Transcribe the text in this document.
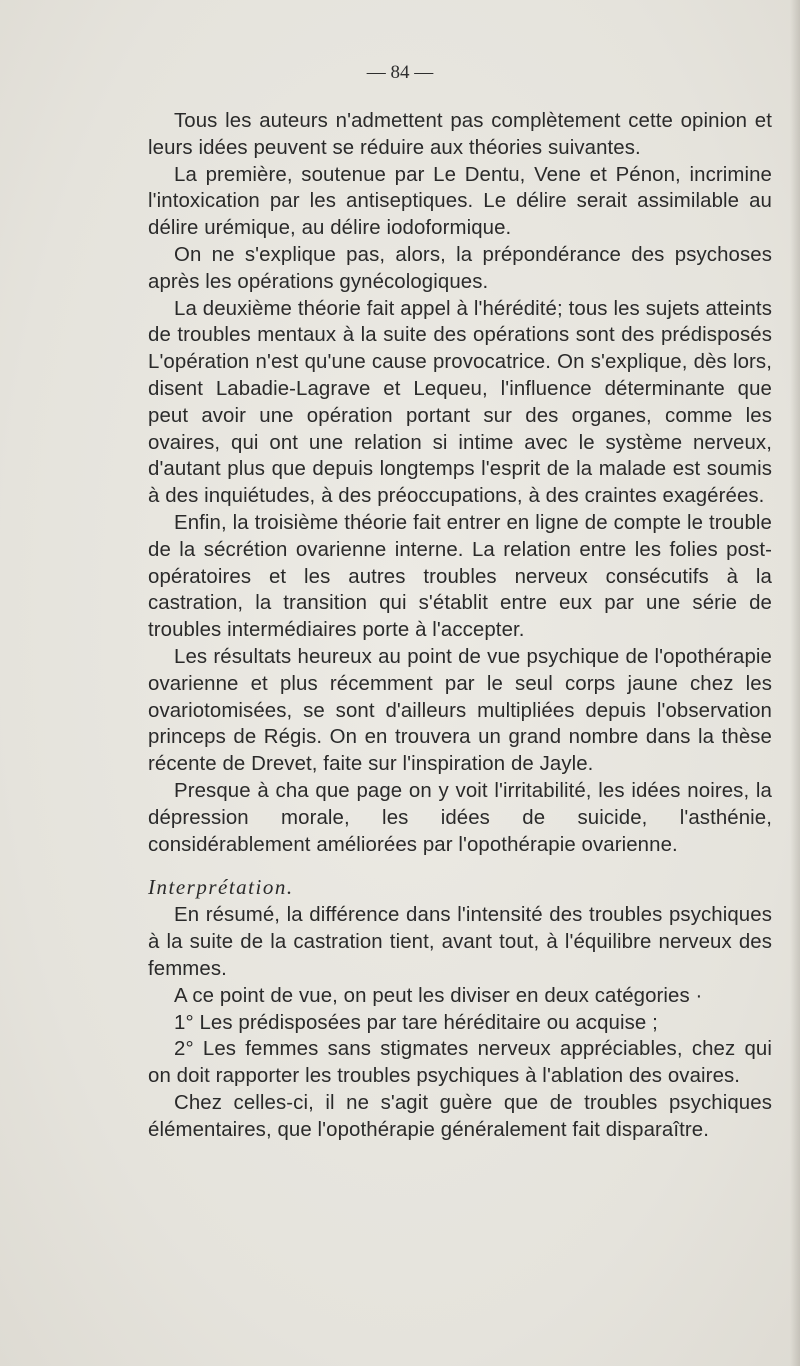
— 84 —

Tous les auteurs n'admettent pas complètement cette opinion et leurs idées peuvent se réduire aux théories suivantes.

La première, soutenue par Le Dentu, Vene et Pénon, incrimine l'intoxication par les antiseptiques. Le délire serait assimilable au délire urémique, au délire iodoformique.

On ne s'explique pas, alors, la prépondérance des psychoses après les opérations gynécologiques.

La deuxième théorie fait appel à l'hérédité; tous les sujets atteints de troubles mentaux à la suite des opérations sont des prédisposés L'opération n'est qu'une cause provocatrice. On s'explique, dès lors, disent Labadie-Lagrave et Lequeu, l'influence déterminante que peut avoir une opération portant sur des organes, comme les ovaires, qui ont une relation si intime avec le système nerveux, d'autant plus que depuis longtemps l'esprit de la malade est soumis à des inquiétudes, à des préoccupations, à des craintes exagérées.

Enfin, la troisième théorie fait entrer en ligne de compte le trouble de la sécrétion ovarienne interne. La relation entre les folies post-opératoires et les autres troubles nerveux consécutifs à la castration, la transition qui s'établit entre eux par une série de troubles intermédiaires porte à l'accepter.

Les résultats heureux au point de vue psychique de l'opothérapie ovarienne et plus récemment par le seul corps jaune chez les ovariotomisées, se sont d'ailleurs multipliées depuis l'observation princeps de Régis. On en trouvera un grand nombre dans la thèse récente de Drevet, faite sur l'inspiration de Jayle.

Presque à cha que page on y voit l'irritabilité, les idées noires, la dépression morale, les idées de suicide, l'asthénie, considérablement améliorées par l'opothérapie ovarienne.

Interprétation.

En résumé, la différence dans l'intensité des troubles psychiques à la suite de la castration tient, avant tout, à l'équilibre nerveux des femmes.

A ce point de vue, on peut les diviser en deux catégories ·

1° Les prédisposées par tare héréditaire ou acquise ;

2° Les femmes sans stigmates nerveux appréciables, chez qui on doit rapporter les troubles psychiques à l'ablation des ovaires.

Chez celles-ci, il ne s'agit guère que de troubles psychiques élémentaires, que l'opothérapie généralement fait disparaître.
